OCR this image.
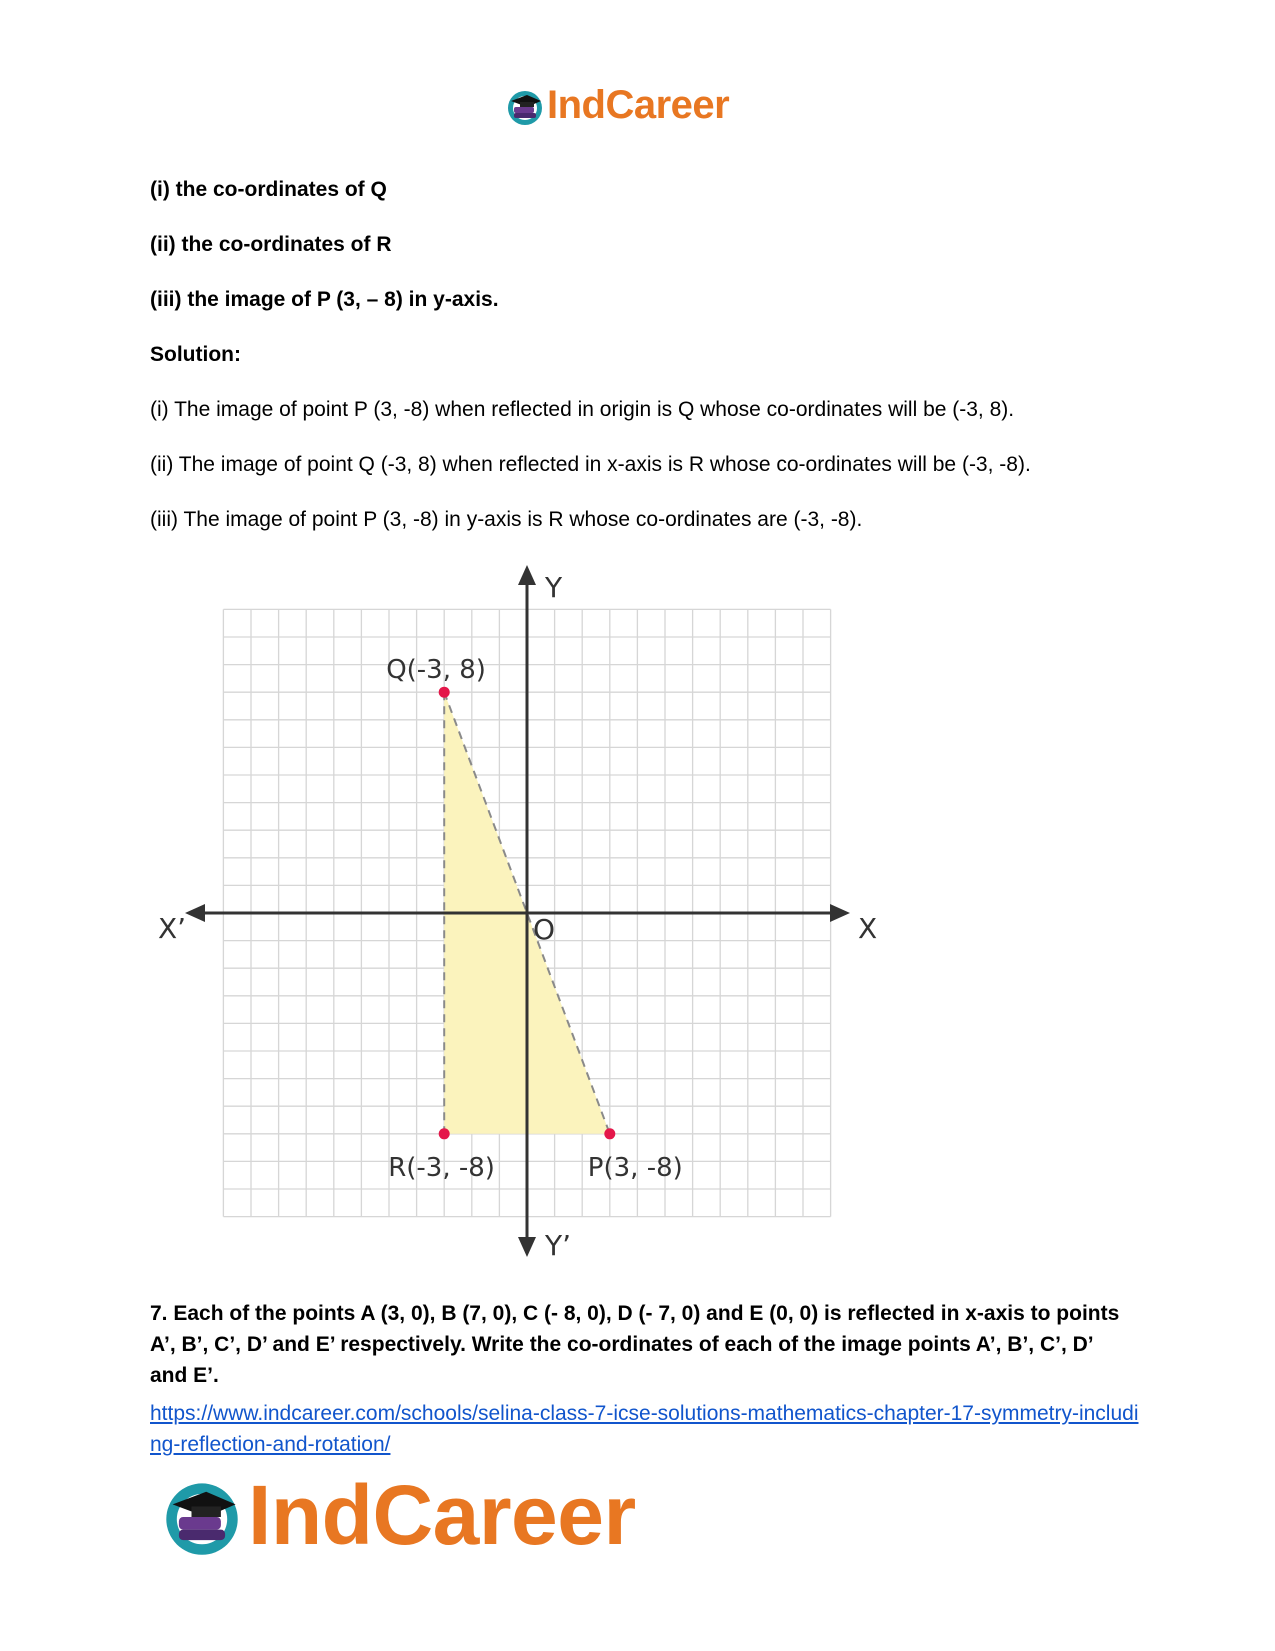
IndCareer
(i) the co-ordinates of Q
(ii) the co-ordinates of R
(iii) the image of P (3, – 8) in y-axis.
Solution:
(i) The image of point P (3, -8) when reflected in origin is Q whose co-ordinates will be (-3, 8).
(ii) The image of point Q (-3, 8) when reflected in x-axis is R whose co-ordinates will be (-3, -8).
(iii) The image of point P (3, -8) in y-axis is R whose co-ordinates are (-3, -8).
Q(-3, 8)
R(-3, -8)	P(3, -8)
Y
Y’
X
X’	O
7. Each of the points A (3, 0), B (7, 0), C (- 8, 0), D (- 7, 0) and E (0, 0) is reflected in x-axis to points A’, B’, C’, D’ and E’ respectively. Write the co-ordinates of each of the image points A’, B’, C’, D’ and E’.
https://www.indcareer.com/schools/selina-class-7-icse-solutions-mathematics-chapter-17-symmetry-including-reflection-and-rotation/
IndCareer
